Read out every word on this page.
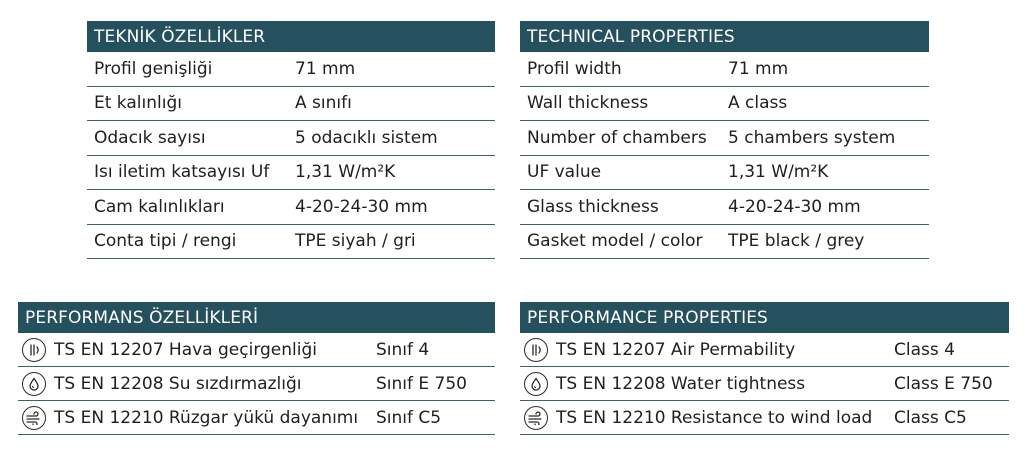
TEKNİK ÖZELLİKLER
Profil genişliği	71 mm
Et kalınlığı	A sınıfı
Odacık sayısı	5 odacıklı sistem
Isı iletim katsayısı Uf	1,31 W/m²K
Cam kalınlıkları	4-20-24-30 mm
Conta tipi / rengi	TPE siyah / gri
TECHNICAL PROPERTIES
Profil width	71 mm
Wall thickness	A class
Number of chambers	5 chambers system
UF value	1,31 W/m²K
Glass thickness	4-20-24-30 mm
Gasket model / color	TPE black / grey
PERFORMANS ÖZELLİKLERİ
TS EN 12207 Hava geçirgenliği	Sınıf 4
TS EN 12208 Su sızdırmazlığı	Sınıf E 750
TS EN 12210 Rüzgar yükü dayanımı	Sınıf C5
PERFORMANCE PROPERTIES
TS EN 12207 Air Permability	Class 4
TS EN 12208 Water tightness	Class E 750
TS EN 12210 Resistance to wind load	Class C5
